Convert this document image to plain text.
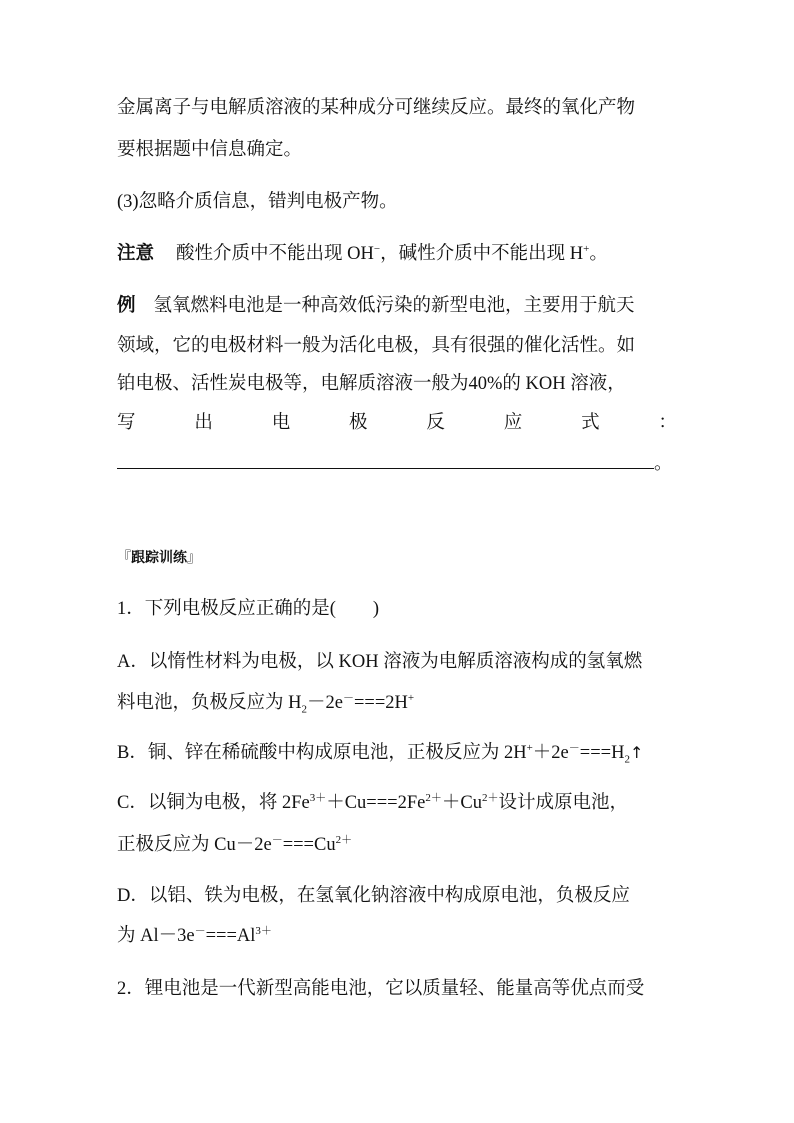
金属离子与电解质溶液的某种成分可继续反应。最终的氧化产物
要根据题中信息确定。
(3)忽略介质信息，错判电极产物。
注意 酸性介质中不能出现 OH−，碱性介质中不能出现 H+。
例 氢氧燃料电池是一种高效低污染的新型电池，主要用于航天
领域，它的电极材料一般为活化电极，具有很强的催化活性。如
铂电极、活性炭电极等，电解质溶液一般为40%的 KOH 溶液，
写	出	电	极	反	应	式	：
。
『跟踪训练』
1．下列电极反应正确的是(　　)
A．以惰性材料为电极，以 KOH 溶液为电解质溶液构成的氢氧燃
料电池，负极反应为 $H_2-2e^-===2H^+$
B．铜、锌在稀硫酸中构成原电池，正极反应为 $2H^++2e^-===H_2↑$
C．以铜为电极，将 $2Fe^{3+}+Cu===2Fe^{2+}+Cu^{2+}$设计成原电池，
正极反应为 $Cu-2e^-===Cu^{2+}$
D．以铝、铁为电极，在氢氧化钠溶液中构成原电池，负极反应
为 $Al-3e^-===Al^{3+}$
2．锂电池是一代新型高能电池，它以质量轻、能量高等优点而受
